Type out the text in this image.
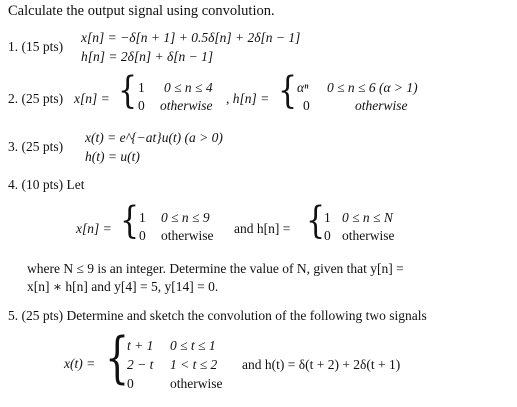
Calculate the output signal using convolution.
1. (15 pts)
x[n] = −δ[n + 1] + 0.5δ[n] + 2δ[n − 1]
h[n] = 2δ[n] + δ[n − 1]
2. (25 pts) x[n] = { 1 0 ≤ n ≤ 4
0 otherwise , h[n] = { αⁿ 0 ≤ n ≤ 6 (α > 1)
0	otherwise
3. (25 pts)
x(t) = e^{−at}u(t) (a > 0)
h(t) = u(t)
4. (10 pts) Let
x[n] = { 1 0 ≤ n ≤ 9
0 otherwise and h[n] = {
1 0 ≤ n ≤ N
0 otherwise
where N ≤ 9 is an integer. Determine the value of N, given that y[n] =
x[n] ∗ h[n] and y[4] = 5, y[14] = 0.
5. (25 pts) Determine and sketch the convolution of the following two signals
x(t) = {
t + 1 0 ≤ t ≤ 1
2 − t 1 < t ≤ 2
0	otherwise
and h(t) = δ(t + 2) + 2δ(t + 1)
